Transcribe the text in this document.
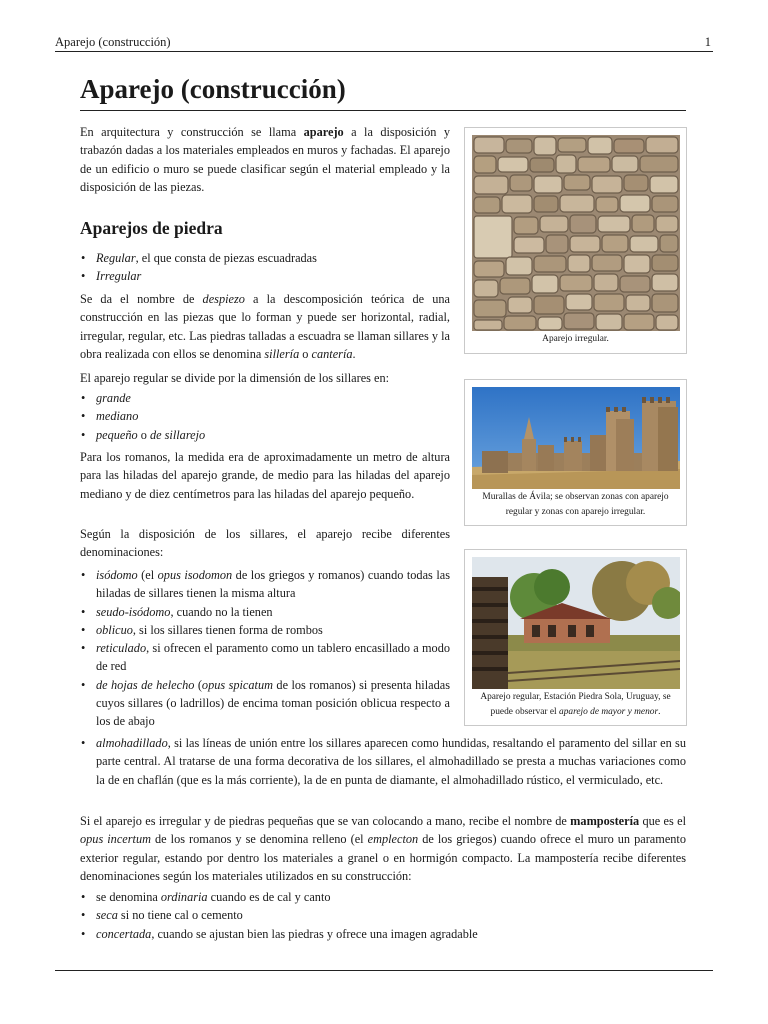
Aparejo (construcción)	1
Aparejo (construcción)

En arquitectura y construcción se llama aparejo a la disposición y trabazón dadas a los materiales empleados en muros y fachadas. El aparejo de un edificio o muro se puede clasificar según el material empleado y la disposición de las piezas.

Aparejos de piedra
• Regular, el que consta de piezas escuadradas
• Irregular

Se da el nombre de despiezo a la descomposición teórica de una construcción en las piezas que lo forman y puede ser horizontal, radial, irregular, regular, etc. Las piedras talladas a escuadra se llaman sillares y la obra realizada con ellos se denomina sillería o cantería.

El aparejo regular se divide por la dimensión de los sillares en:

• grande
• mediano
• pequeño o de sillarejo

Para los romanos, la medida era de aproximadamente un metro de altura para las hiladas del aparejo grande, de medio para las hiladas del aparejo mediano y de diez centímetros para las hiladas del aparejo pequeño.

Según la disposición de los sillares, el aparejo recibe diferentes denominaciones:

• isódomo (el opus isodomon de los griegos y romanos) cuando todas las hiladas de sillares tienen la misma altura
• seudo-isódomo, cuando no la tienen
• oblicuo, si los sillares tienen forma de rombos
• reticulado, si ofrecen el paramento como un tablero encasillado a modo de red
• de hojas de helecho (opus spicatum de los romanos) si presenta hiladas cuyos sillares (o ladrillos) de encima toman posición oblicua respecto a los de abajo
• almohadillado, si las líneas de unión entre los sillares aparecen como hundidas, resaltando el paramento del sillar en su parte central. Al tratarse de una forma decorativa de los sillares, el almohadillado se presta a muchas variaciones como la de en chaflán (que es la más corriente), la de en punta de diamante, el almohadillado rústico, el vermiculado, etc.

Si el aparejo es irregular y de piedras pequeñas que se van colocando a mano, recibe el nombre de mampostería que es el opus incertum de los romanos y se denomina relleno (el emplecton de los griegos) cuando ofrece el muro un paramento exterior regular, estando por dentro los materiales a granel o en hormigón compacto. La mampostería recibe diferentes denominaciones según los materiales utilizados en su construcción:

• se denomina ordinaria cuando es de cal y canto
• seca si no tiene cal o cemento
• concertada, cuando se ajustan bien las piedras y ofrece una imagen agradable
Aparejo irregular.
Murallas de Ávila; se observan zonas con aparejo regular y zonas con aparejo irregular.
Aparejo regular, Estación Piedra Sola, Uruguay, se puede observar el aparejo de mayor y menor.
